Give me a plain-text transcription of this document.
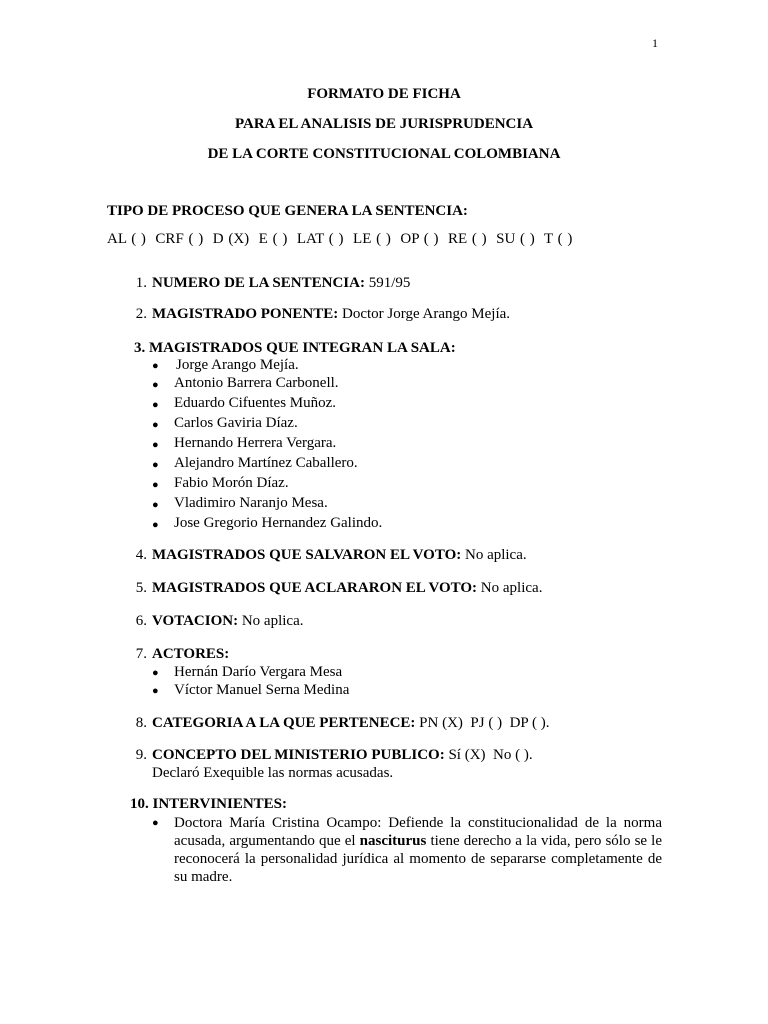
1
FORMATO DE FICHA
PARA EL ANALISIS DE JURISPRUDENCIA
DE LA CORTE CONSTITUCIONAL COLOMBIANA
TIPO DE PROCESO QUE GENERA LA SENTENCIA:
AL ( )  CRF ( )  D (X)  E ( )  LAT ( )  LE ( )  OP ( )  RE ( )  SU ( )  T ( )
1. NUMERO DE LA SENTENCIA: 591/95
2. MAGISTRADO PONENTE: Doctor Jorge Arango Mejía.
3. MAGISTRADOS QUE INTEGRAN LA SALA:
● Jorge Arango Mejía.
● Antonio Barrera Carbonell.
● Eduardo Cifuentes Muñoz.
● Carlos Gaviria Díaz.
● Hernando Herrera Vergara.
● Alejandro Martínez Caballero.
● Fabio Morón Díaz.
● Vladimiro Naranjo Mesa.
● Jose Gregorio Hernandez Galindo.
4. MAGISTRADOS QUE SALVARON EL VOTO: No aplica.
5. MAGISTRADOS QUE ACLARARON EL VOTO: No aplica.
6. VOTACION: No aplica.
7. ACTORES:
● Hernán Darío Vergara Mesa
● Víctor Manuel Serna Medina
8. CATEGORIA A LA QUE PERTENECE: PN (X)  PJ ( )  DP ( ).
9. CONCEPTO DEL MINISTERIO PUBLICO: Sí (X)  No ( ).
Declaró Exequible las normas acusadas.
10. INTERVINIENTES:
● Doctora María Cristina Ocampo: Defiende la constitucionalidad de la norma acusada, argumentando que el nasciturus tiene derecho a la vida, pero sólo se le reconocerá la personalidad jurídica al momento de separarse completamente de su madre.
